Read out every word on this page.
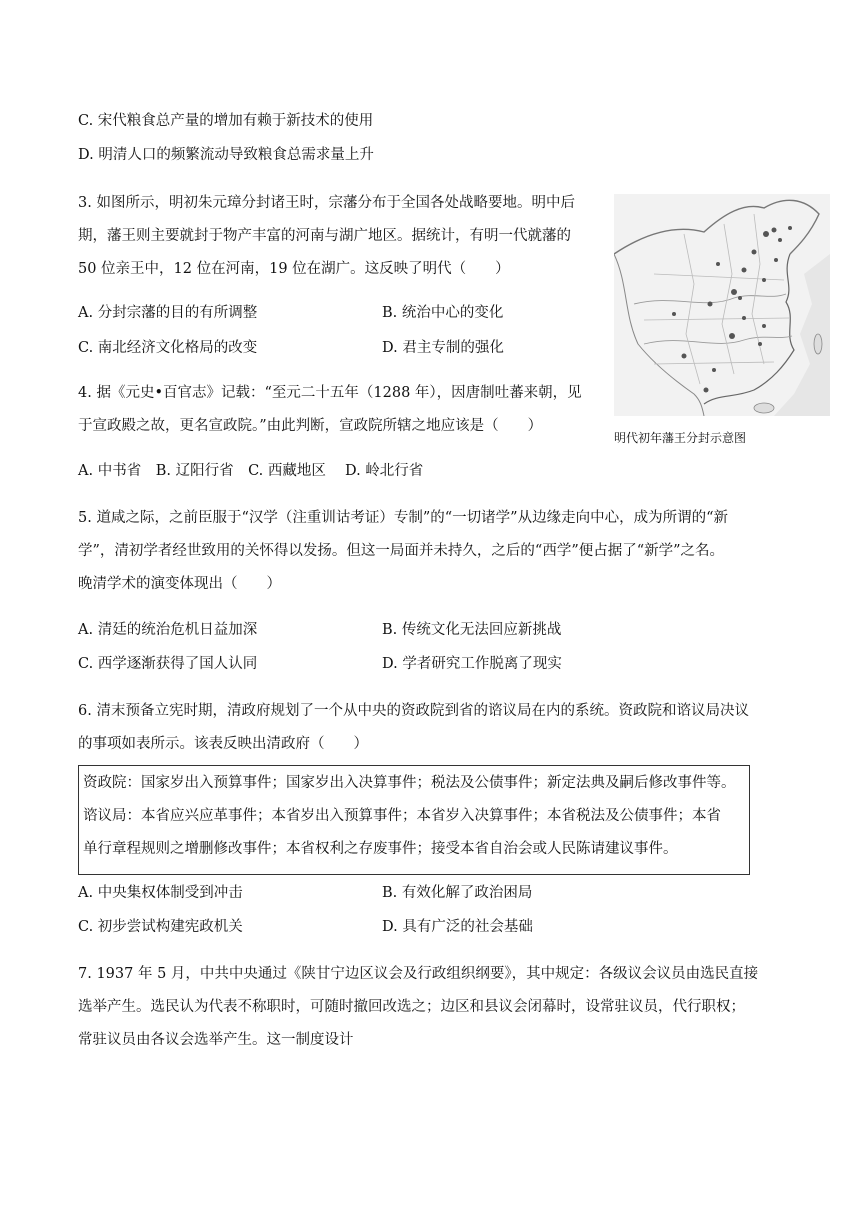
C. 宋代粮食总产量的增加有赖于新技术的使用
D. 明清人口的频繁流动导致粮食总需求量上升
3. 如图所示，明初朱元璋分封诸王时，宗藩分布于全国各处战略要地。明中后
期，藩王则主要就封于物产丰富的河南与湖广地区。据统计，有明一代就藩的
50 位亲王中，12 位在河南，19 位在湖广。这反映了明代（　　）
A. 分封宗藩的目的有所调整	B. 统治中心的变化
C. 南北经济文化格局的改变	D. 君主专制的强化
明代初年藩王分封示意图
4. 据《元史•百官志》记载：“至元二十五年（1288 年），因唐制吐蕃来朝，见
于宣政殿之故，更名宣政院。”由此判断，宣政院所辖之地应该是（　　）
A. 中书省　B. 辽阳行省　C. 西藏地区　 D. 岭北行省
5. 道咸之际，之前臣服于“汉学（注重训诂考证）专制”的“一切诸学”从边缘走向中心，成为所谓的“新
学”，清初学者经世致用的关怀得以发扬。但这一局面并未持久，之后的“西学”便占据了“新学”之名。
晚清学术的演变体现出（　　）
A. 清廷的统治危机日益加深	B. 传统文化无法回应新挑战
C. 西学逐渐获得了国人认同	D. 学者研究工作脱离了现实
6. 清末预备立宪时期，清政府规划了一个从中央的资政院到省的谘议局在内的系统。资政院和谘议局决议
的事项如表所示。该表反映出清政府（　　）
资政院：国家岁出入预算事件；国家岁出入决算事件；税法及公债事件；新定法典及嗣后修改事件等。
谘议局：本省应兴应革事件；本省岁出入预算事件；本省岁入决算事件；本省税法及公债事件；本省
单行章程规则之增删修改事件；本省权利之存废事件；接受本省自治会或人民陈请建议事件。
A. 中央集权体制受到冲击	B. 有效化解了政治困局
C. 初步尝试构建宪政机关	D. 具有广泛的社会基础
7. 1937 年 5 月，中共中央通过《陕甘宁边区议会及行政组织纲要》，其中规定：各级议会议员由选民直接
选举产生。选民认为代表不称职时，可随时撤回改选之；边区和县议会闭幕时，设常驻议员，代行职权；
常驻议员由各议会选举产生。这一制度设计
